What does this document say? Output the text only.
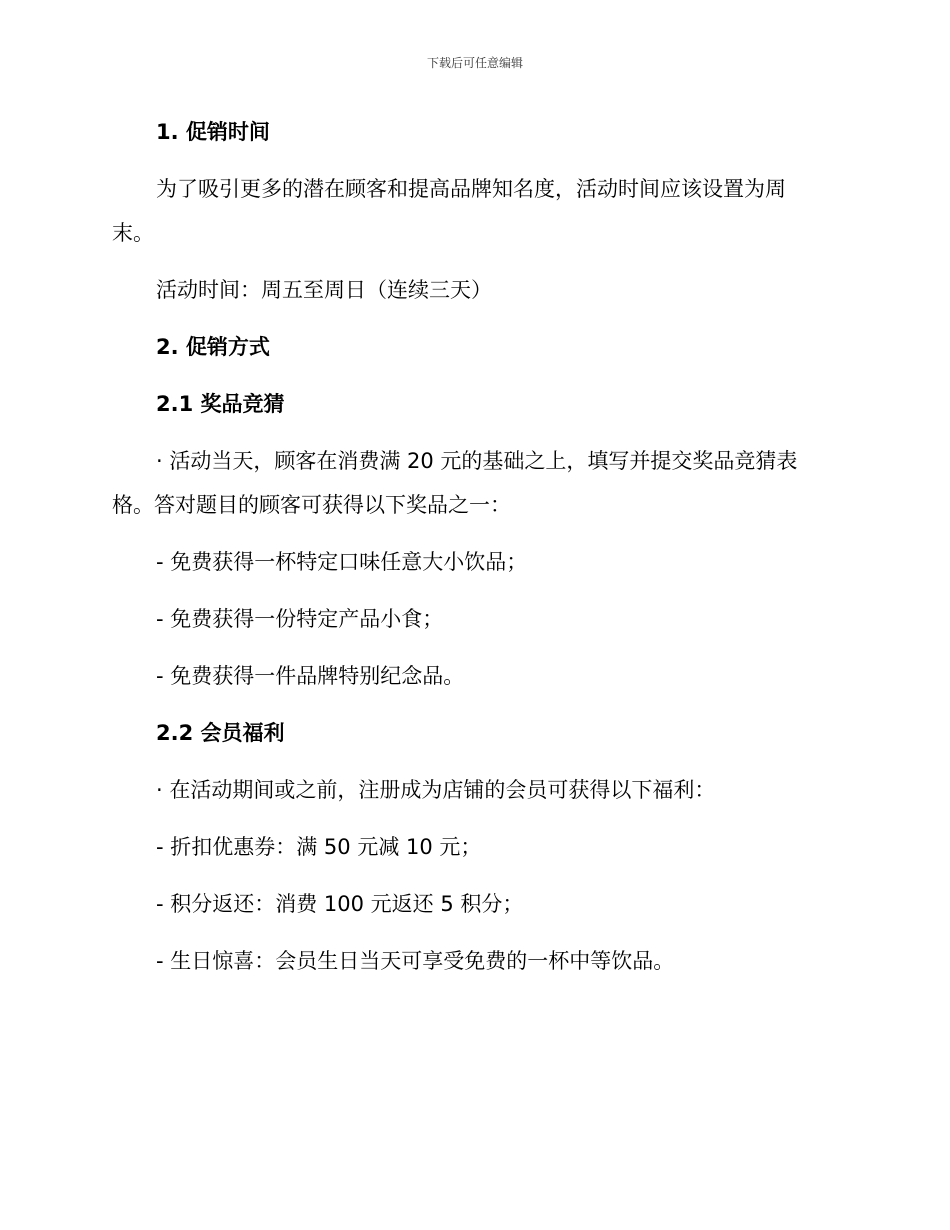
下载后可任意编辑

1. 促销时间

为了吸引更多的潜在顾客和提高品牌知名度，活动时间应该设置为周末。

活动时间：周五至周日（连续三天）

2. 促销方式

2.1 奖品竞猜

· 活动当天，顾客在消费满 20 元的基础之上，填写并提交奖品竞猜表格。答对题目的顾客可获得以下奖品之一：

- 免费获得一杯特定口味任意大小饮品；

- 免费获得一份特定产品小食；

- 免费获得一件品牌特别纪念品。

2.2 会员福利

· 在活动期间或之前，注册成为店铺的会员可获得以下福利：

- 折扣优惠券：满 50 元减 10 元；

- 积分返还：消费 100 元返还 5 积分；

- 生日惊喜：会员生日当天可享受免费的一杯中等饮品。
